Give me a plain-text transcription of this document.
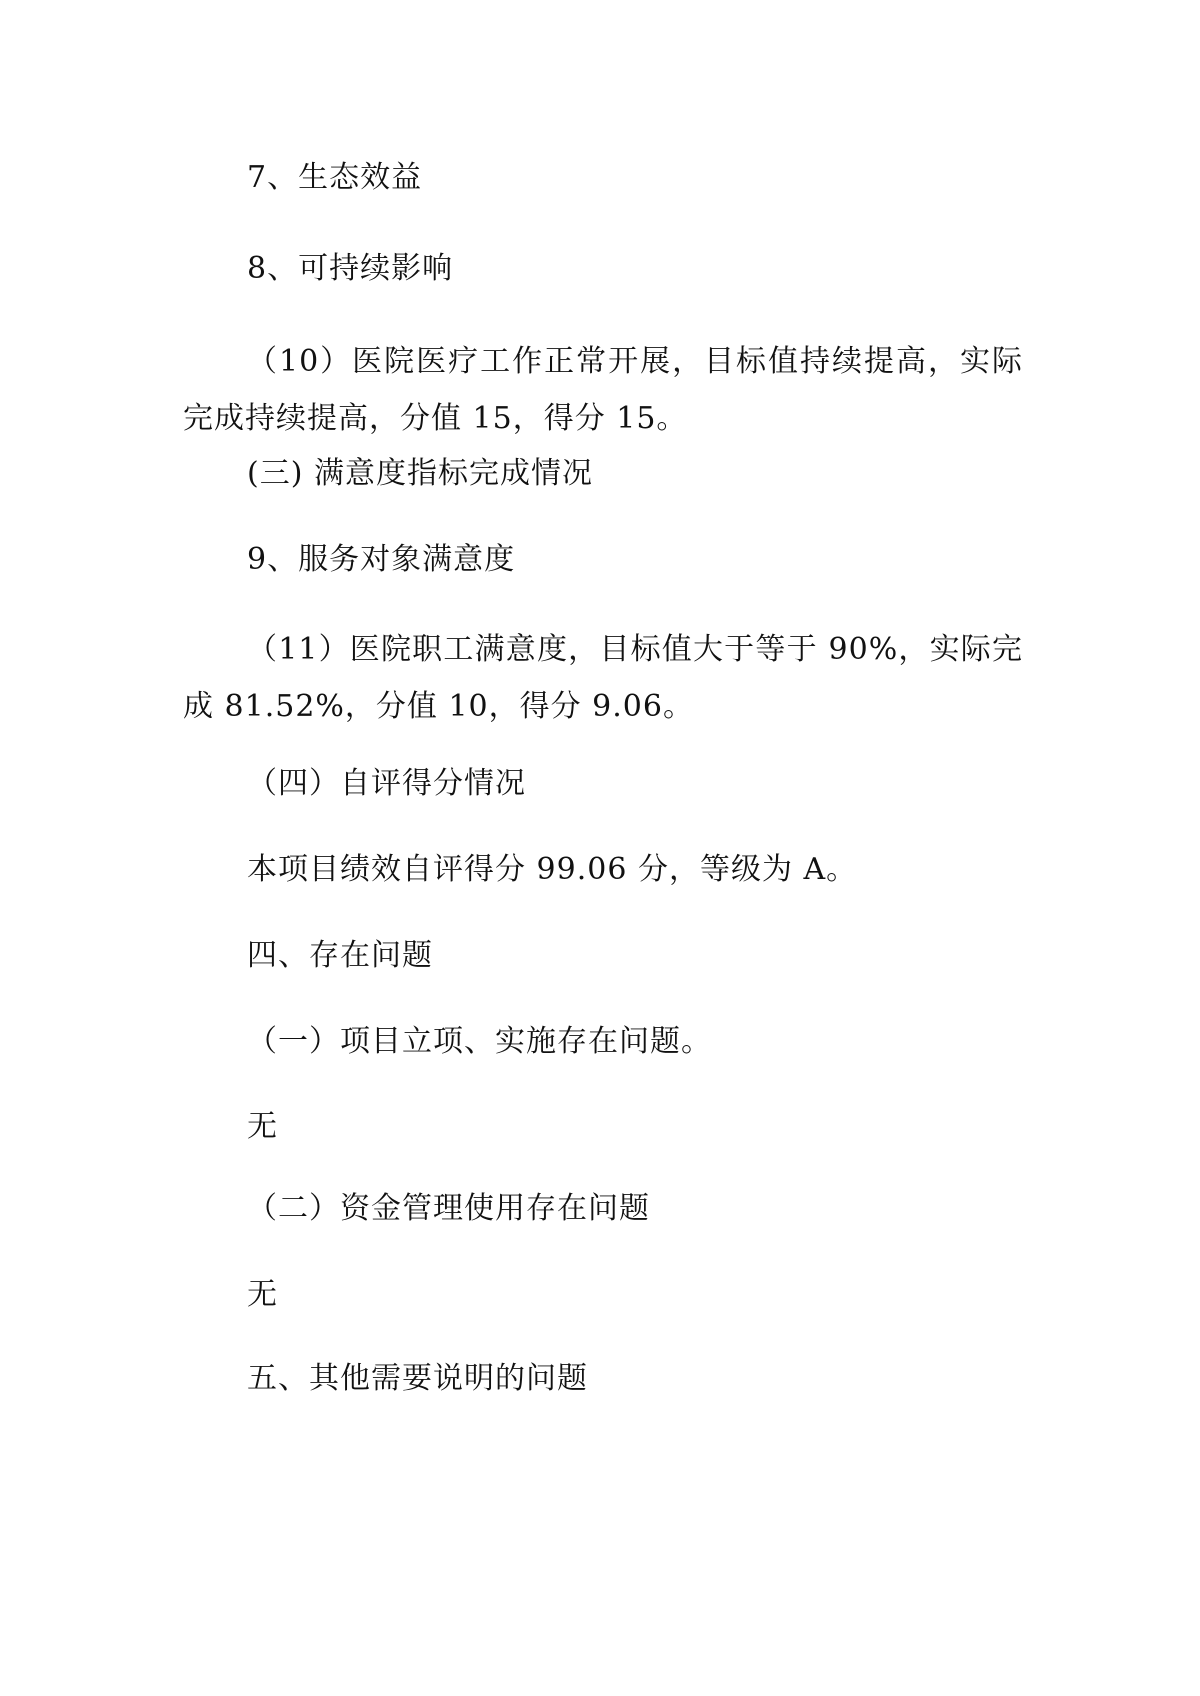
7、生态效益
8、可持续影响
（10）医院医疗工作正常开展，目标值持续提高，实际完成持续提高，分值 15，得分 15。
(三) 满意度指标完成情况
9、服务对象满意度
（11）医院职工满意度，目标值大于等于 90%，实际完成 81.52%，分值 10，得分 9.06。
（四）自评得分情况
本项目绩效自评得分 99.06 分，等级为 A。
四、存在问题
（一）项目立项、实施存在问题。
无
（二）资金管理使用存在问题
无
五、其他需要说明的问题
